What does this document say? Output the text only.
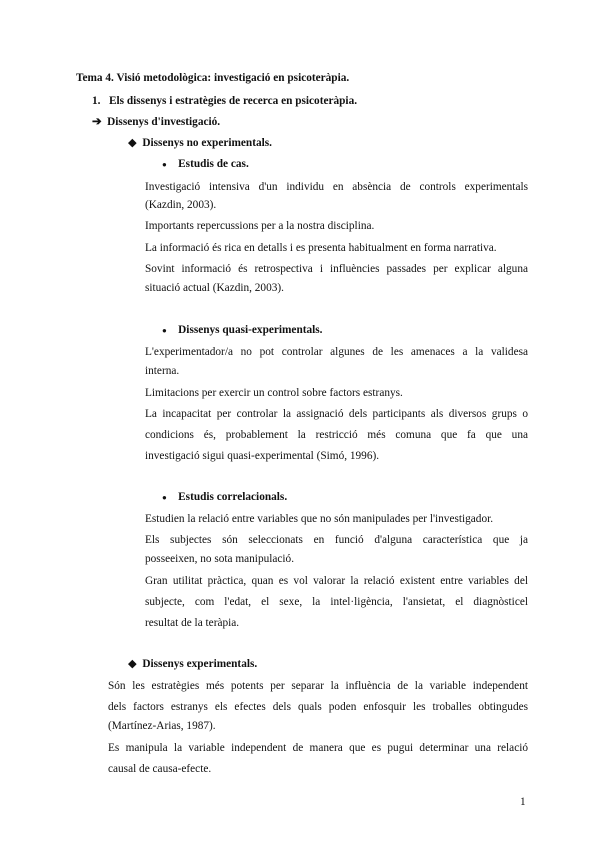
Tema 4. Visió metodològica: investigació en psicoteràpia.
1. Els dissenys i estratègies de recerca en psicoteràpia.
➔ Dissenys d'investigació.
◆ Dissenys no experimentals.
● Estudis de cas.
Investigació intensiva d'un individu en absència de controls experimentals
(Kazdin, 2003).
Importants repercussions per a la nostra disciplina.
La informació és rica en detalls i es presenta habitualment en forma narrativa.
Sovint informació és retrospectiva i influències passades per explicar alguna
situació actual (Kazdin, 2003).
● Dissenys quasi-experimentals.
L'experimentador/a no pot controlar algunes de les amenaces a la validesa
interna.
Limitacions per exercir un control sobre factors estranys.
La incapacitat per controlar la assignació dels participants als diversos grups o
condicions és, probablement la restricció més comuna que fa que una
investigació sigui quasi-experimental (Simó, 1996).
● Estudis correlacionals.
Estudien la relació entre variables que no són manipulades per l'investigador.
Els subjectes són seleccionats en funció d'alguna característica que ja
posseeixen, no sota manipulació.
Gran utilitat pràctica, quan es vol valorar la relació existent entre variables del
subjecte, com l'edat, el sexe, la intel·ligència, l'ansietat, el diagnòsticel
resultat de la teràpia.
◆ Dissenys experimentals.
Són les estratègies més potents per separar la influència de la variable independent
dels factors estranys els efectes dels quals poden enfosquir les troballes obtingudes
(Martínez-Arias, 1987).
Es manipula la variable independent de manera que es pugui determinar una relació
causal de causa-efecte.
1
